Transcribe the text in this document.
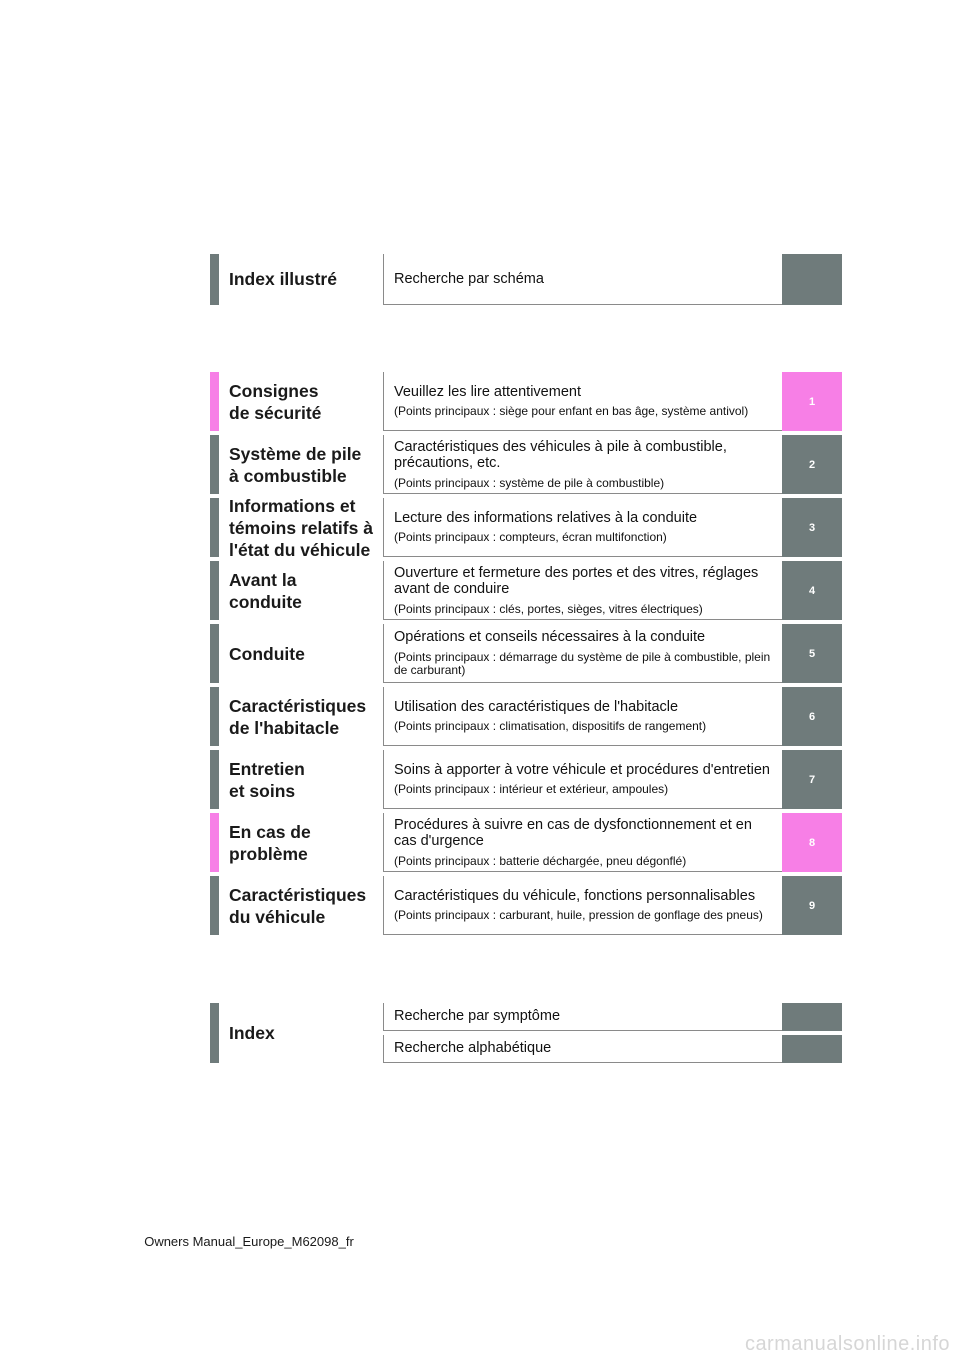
Index illustré	Recherche par schéma
Consignes
de sécurité
Veuillez les lire attentivement
(Points principaux : siège pour enfant en bas âge, système antivol)
1
Système de pile
à combustible
Caractéristiques des véhicules à pile à combustible, précautions, etc.
(Points principaux : système de pile à combustible)
2
Informations et
témoins relatifs à
l'état du véhicule
Lecture des informations relatives à la conduite
(Points principaux : compteurs, écran multifonction)
3
Avant la
conduite
Ouverture et fermeture des portes et des vitres, réglages avant de conduire
(Points principaux : clés, portes, sièges, vitres électriques)
4
Conduite
Opérations et conseils nécessaires à la conduite
(Points principaux : démarrage du système de pile à combustible, plein de carburant)
5
Caractéristiques
de l'habitacle
Utilisation des caractéristiques de l'habitacle
(Points principaux : climatisation, dispositifs de rangement)
6
Entretien
et soins
Soins à apporter à votre véhicule et procédures d'entretien
(Points principaux : intérieur et extérieur, ampoules)
7
En cas de
problème
Procédures à suivre en cas de dysfonctionnement et en cas d'urgence
(Points principaux : batterie déchargée, pneu dégonflé)
8
Caractéristiques
du véhicule
Caractéristiques du véhicule, fonctions personnalisables
(Points principaux : carburant, huile, pression de gonflage des pneus)
9
Index
Recherche par symptôme
Recherche alphabétique
Owners Manual_Europe_M62098_fr
carmanualsonline.info
